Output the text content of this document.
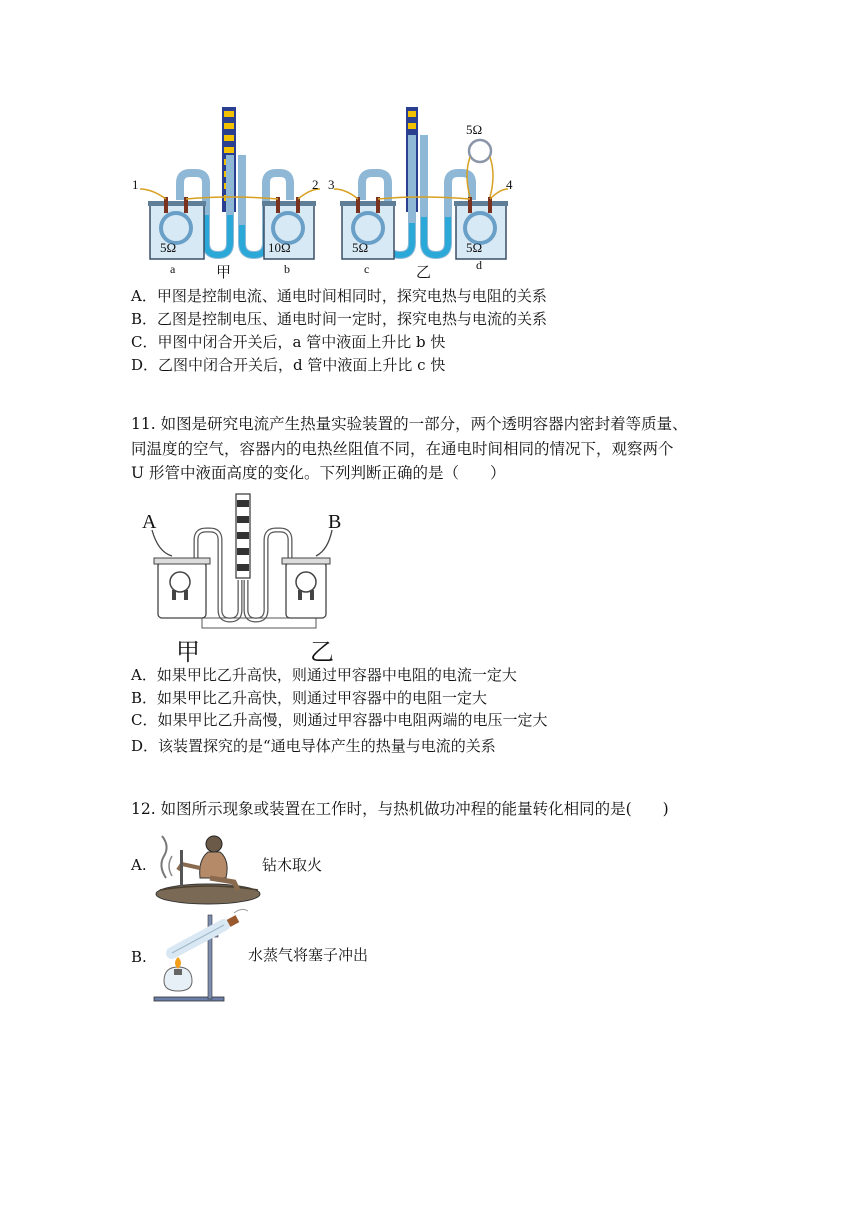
1	2
5Ω	10Ω
a	b
甲
3	4
5Ω
5Ω	5Ω
c	d
乙
A．甲图是控制电流、通电时间相同时，探究电热与电阻的关系
B．乙图是控制电压、通电时间一定时，探究电热与电流的关系
C．甲图中闭合开关后，a 管中液面上升比 b 快
D．乙图中闭合开关后，d 管中液面上升比 c 快
11. 如图是研究电流产生热量实验装置的一部分，两个透明容器内密封着等质量、
同温度的空气，容器内的电热丝阻值不同，在通电时间相同的情况下，观察两个
U 形管中液面高度的变化。下列判断正确的是（　　）
A	B
甲	乙
A．如果甲比乙升高快，则通过甲容器中电阻的电流一定大
B．如果甲比乙升高快，则通过甲容器中的电阻一定大
C．如果甲比乙升高慢，则通过甲容器中电阻两端的电压一定大
D．该装置探究的是“通电导体产生的热量与电流的关系
12. 如图所示现象或装置在工作时，与热机做功冲程的能量转化相同的是(　　)
A.	钻木取火
B.	水蒸气将塞子冲出
